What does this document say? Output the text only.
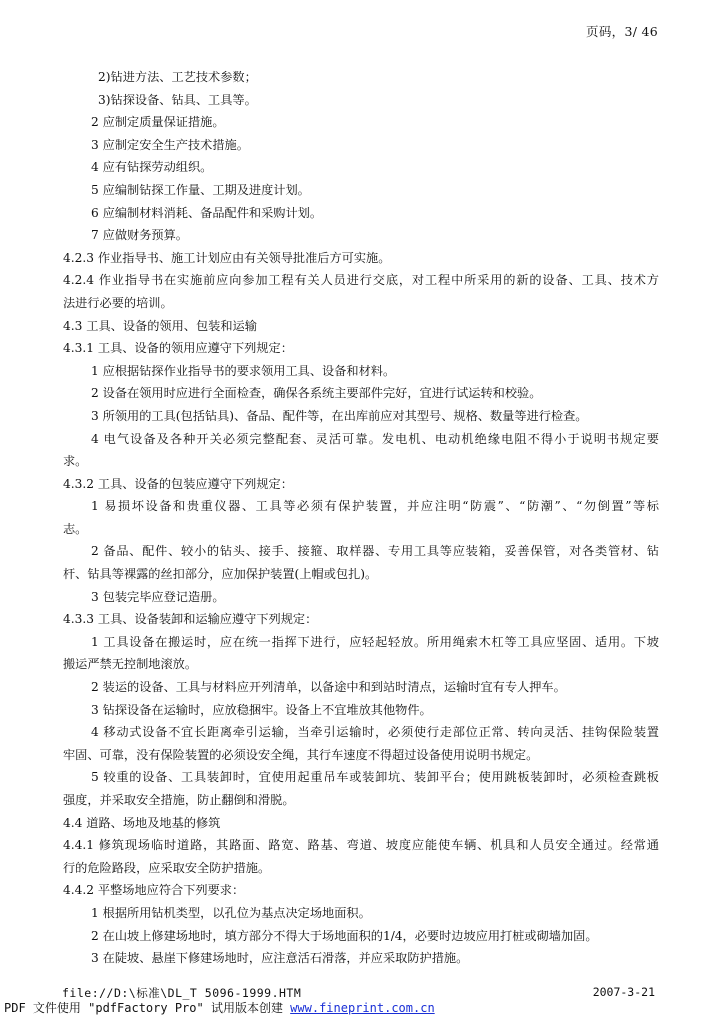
页码，3/ 46
2)钻进方法、工艺技术参数；
3)钻探设备、钻具、工具等。
2 应制定质量保证措施。
3 应制定安全生产技术措施。
4 应有钻探劳动组织。
5 应编制钻探工作量、工期及进度计划。
6 应编制材料消耗、备品配件和采购计划。
7 应做财务预算。
4.2.3 作业指导书、施工计划应由有关领导批准后方可实施。
4.2.4 作业指导书在实施前应向参加工程有关人员进行交底，对工程中所采用的新的设备、工具、技术方
法进行必要的培训。
4.3 工具、设备的领用、包装和运输
4.3.1 工具、设备的领用应遵守下列规定：
1 应根据钻探作业指导书的要求领用工具、设备和材料。
2 设备在领用时应进行全面检查，确保各系统主要部件完好，宜进行试运转和校验。
3 所领用的工具(包括钻具)、备品、配件等，在出库前应对其型号、规格、数量等进行检查。
4 电气设备及各种开关必须完整配套、灵活可靠。发电机、电动机绝缘电阻不得小于说明书规定要
求。
4.3.2 工具、设备的包装应遵守下列规定：
1 易损坏设备和贵重仪器、工具等必须有保护装置，并应注明“防震”、“防潮”、“勿倒置”等标
志。
2 备品、配件、较小的钻头、接手、接箍、取样器、专用工具等应装箱，妥善保管，对各类管材、钻
杆、钻具等裸露的丝扣部分，应加保护装置(上帽或包扎)。
3 包装完毕应登记造册。
4.3.3 工具、设备装卸和运输应遵守下列规定：
1 工具设备在搬运时，应在统一指挥下进行，应轻起轻放。所用绳索木杠等工具应坚固、适用。下坡
搬运严禁无控制地滚放。
2 装运的设备、工具与材料应开列清单，以备途中和到站时清点，运输时宜有专人押车。
3 钻探设备在运输时，应放稳捆牢。设备上不宜堆放其他物件。
4 移动式设备不宜长距离牵引运输，当牵引运输时，必须使行走部位正常、转向灵活、挂钩保险装置
牢固、可靠，没有保险装置的必须设安全绳，其行车速度不得超过设备使用说明书规定。
5 较重的设备、工具装卸时，宜使用起重吊车或装卸坑、装卸平台；使用跳板装卸时，必须检查跳板
强度，并采取安全措施，防止翻倒和滑脱。
4.4 道路、场地及地基的修筑
4.4.1 修筑现场临时道路，其路面、路宽、路基、弯道、坡度应能使车辆、机具和人员安全通过。经常通
行的危险路段，应采取安全防护措施。
4.4.2 平整场地应符合下列要求：
1 根据所用钻机类型，以孔位为基点决定场地面积。
2 在山坡上修建场地时，填方部分不得大于场地面积的1/4，必要时边坡应用打桩或砌墙加固。
3 在陡坡、悬崖下修建场地时，应注意活石滑落，并应采取防护措施。
file://D:\标准\DL_T 5096-1999.HTM	2007-3-21
PDF 文件使用 "pdfFactory Pro" 试用版本创建 www.fineprint.com.cn
